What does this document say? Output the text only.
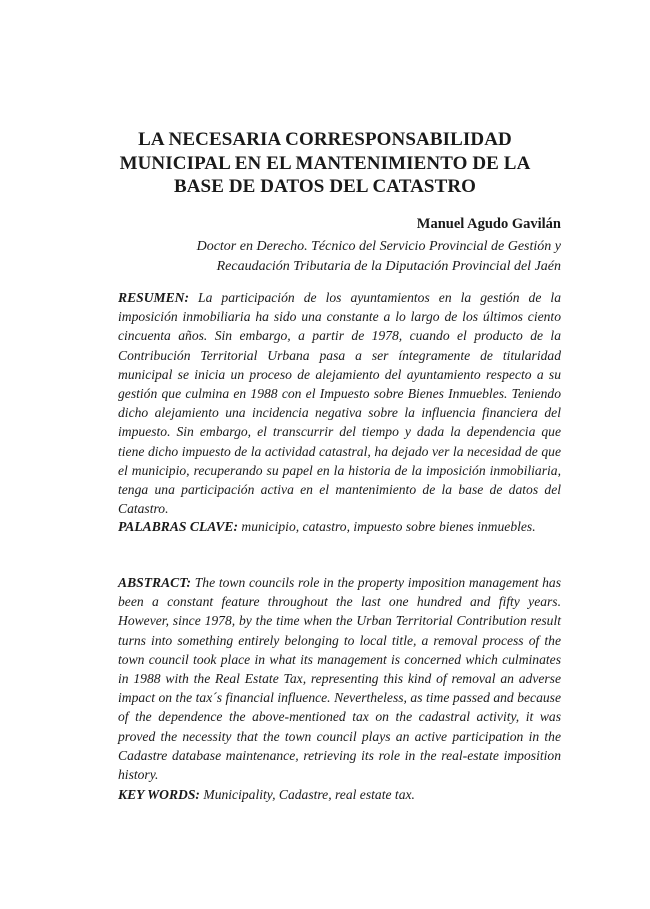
LA NECESARIA CORRESPONSABILIDAD
MUNICIPAL EN EL MANTENIMIENTO DE LA
BASE DE DATOS DEL CATASTRO

Manuel Agudo Gavilán

Doctor en Derecho. Técnico del Servicio Provincial de Gestión y
Recaudación Tributaria de la Diputación Provincial del Jaén

RESUMEN: La participación de los ayuntamientos en la gestión de la imposición inmobiliaria ha sido una constante a lo largo de los últimos ciento cincuenta años. Sin embargo, a partir de 1978, cuando el producto de la Contribución Territorial Urbana pasa a ser íntegramente de titularidad municipal se inicia un proceso de alejamiento del ayuntamiento respecto a su gestión que culmina en 1988 con el Impuesto sobre Bienes Inmuebles. Teniendo dicho alejamiento una incidencia negativa sobre la influencia financiera del impuesto. Sin embargo, el transcurrir del tiempo y dada la dependencia que tiene dicho impuesto de la actividad catastral, ha dejado ver la necesidad de que el municipio, recuperando su papel en la historia de la imposición inmobiliaria, tenga una participación activa en el mantenimiento de la base de datos del Catastro.

PALABRAS CLAVE: municipio, catastro, impuesto sobre bienes inmuebles.

ABSTRACT: The town councils role in the property imposition management has been a constant feature throughout the last one hundred and fifty years. However, since 1978, by the time when the Urban Territorial Contribution result turns into something entirely belonging to local title, a removal process of the town council took place in what its management is concerned which culminates in 1988 with the Real Estate Tax, representing this kind of removal an adverse impact on the tax´s financial influence. Nevertheless, as time passed and because of the dependence the above-mentioned tax on the cadastral activity, it was proved the necessity that the town council plays an active participation in the Cadastre database maintenance, retrieving its role in the real-estate imposition history.

KEY WORDS: Municipality, Cadastre, real estate tax.
